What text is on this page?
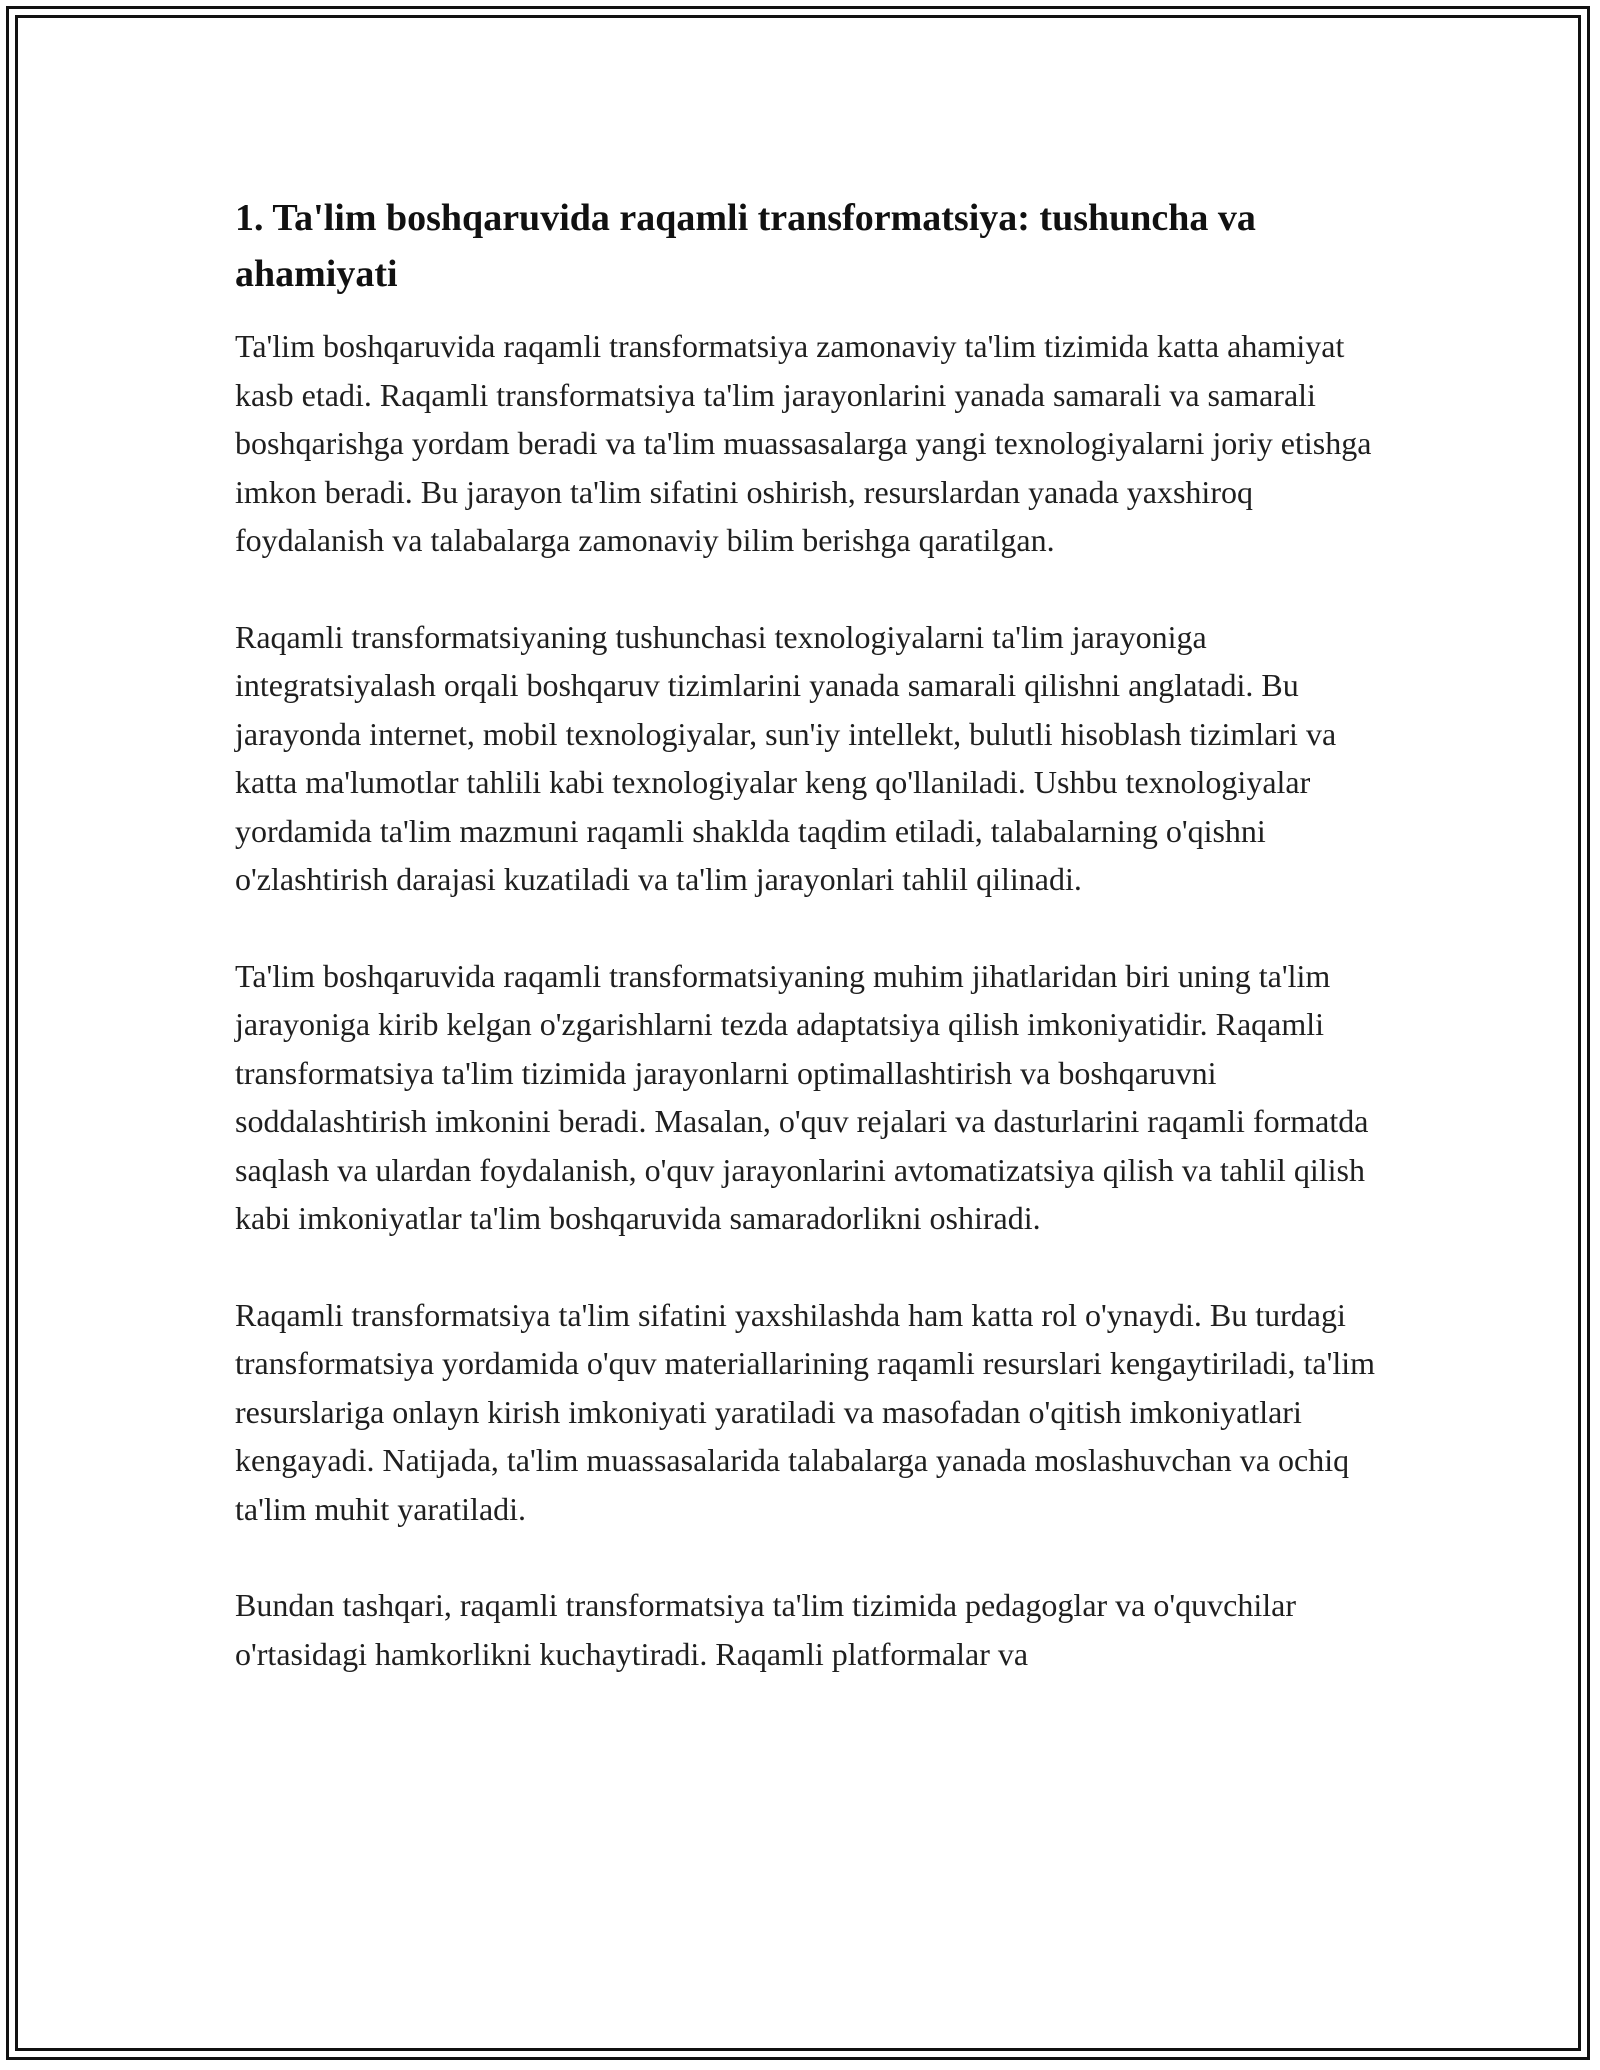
1. Ta'lim boshqaruvida raqamli transformatsiya: tushuncha va ahamiyati

Ta'lim boshqaruvida raqamli transformatsiya zamonaviy ta'lim tizimida katta ahamiyat kasb etadi. Raqamli transformatsiya ta'lim jarayonlarini yanada samarali va samarali boshqarishga yordam beradi va ta'lim muassasalarga yangi texnologiyalarni joriy etishga imkon beradi. Bu jarayon ta'lim sifatini oshirish, resurslardan yanada yaxshiroq foydalanish va talabalarga zamonaviy bilim berishga qaratilgan.

Raqamli transformatsiyaning tushunchasi texnologiyalarni ta'lim jarayoniga integratsiyalash orqali boshqaruv tizimlarini yanada samarali qilishni anglatadi. Bu jarayonda internet, mobil texnologiyalar, sun'iy intellekt, bulutli hisoblash tizimlari va katta ma'lumotlar tahlili kabi texnologiyalar keng qo'llaniladi. Ushbu texnologiyalar yordamida ta'lim mazmuni raqamli shaklda taqdim etiladi, talabalarning o'qishni o'zlashtirish darajasi kuzatiladi va ta'lim jarayonlari tahlil qilinadi.

Ta'lim boshqaruvida raqamli transformatsiyaning muhim jihatlaridan biri uning ta'lim jarayoniga kirib kelgan o'zgarishlarni tezda adaptatsiya qilish imkoniyatidir. Raqamli transformatsiya ta'lim tizimida jarayonlarni optimallashtirish va boshqaruvni soddalashtirish imkonini beradi. Masalan, o'quv rejalari va dasturlarini raqamli formatda saqlash va ulardan foydalanish, o'quv jarayonlarini avtomatizatsiya qilish va tahlil qilish kabi imkoniyatlar ta'lim boshqaruvida samaradorlikni oshiradi.

Raqamli transformatsiya ta'lim sifatini yaxshilashda ham katta rol o'ynaydi. Bu turdagi transformatsiya yordamida o'quv materiallarining raqamli resurslari kengaytiriladi, ta'lim resurslariga onlayn kirish imkoniyati yaratiladi va masofadan o'qitish imkoniyatlari kengayadi. Natijada, ta'lim muassasalarida talabalarga yanada moslashuvchan va ochiq ta'lim muhit yaratiladi.

Bundan tashqari, raqamli transformatsiya ta'lim tizimida pedagoglar va o'quvchilar o'rtasidagi hamkorlikni kuchaytiradi. Raqamli platformalar va
